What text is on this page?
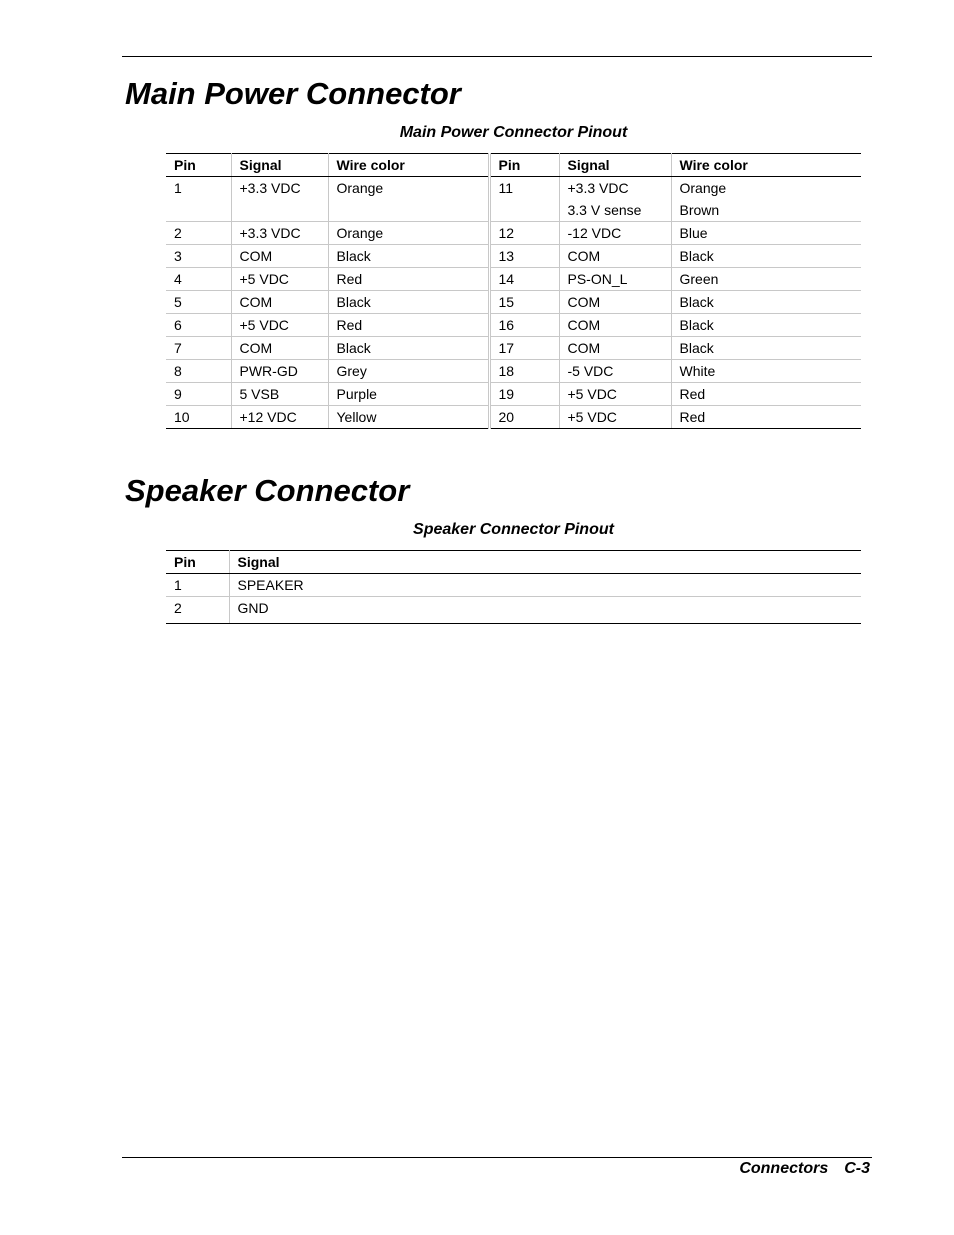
Main Power Connector
Main Power Connector Pinout
Pin	Signal	Wire color	Pin	Signal	Wire color
1	+3.3 VDC	Orange	11	+3.3 VDC	Orange
				3.3 V sense	Brown
2	+3.3 VDC	Orange	12	-12 VDC	Blue
3	COM	Black	13	COM	Black
4	+5 VDC	Red	14	PS-ON_L	Green
5	COM	Black	15	COM	Black
6	+5 VDC	Red	16	COM	Black
7	COM	Black	17	COM	Black
8	PWR-GD	Grey	18	-5 VDC	White
9	5 VSB	Purple	19	+5 VDC	Red
10	+12 VDC	Yellow	20	+5 VDC	Red
Speaker Connector
Speaker Connector Pinout
Pin	Signal
1	SPEAKER
2	GND
Connectors C-3
